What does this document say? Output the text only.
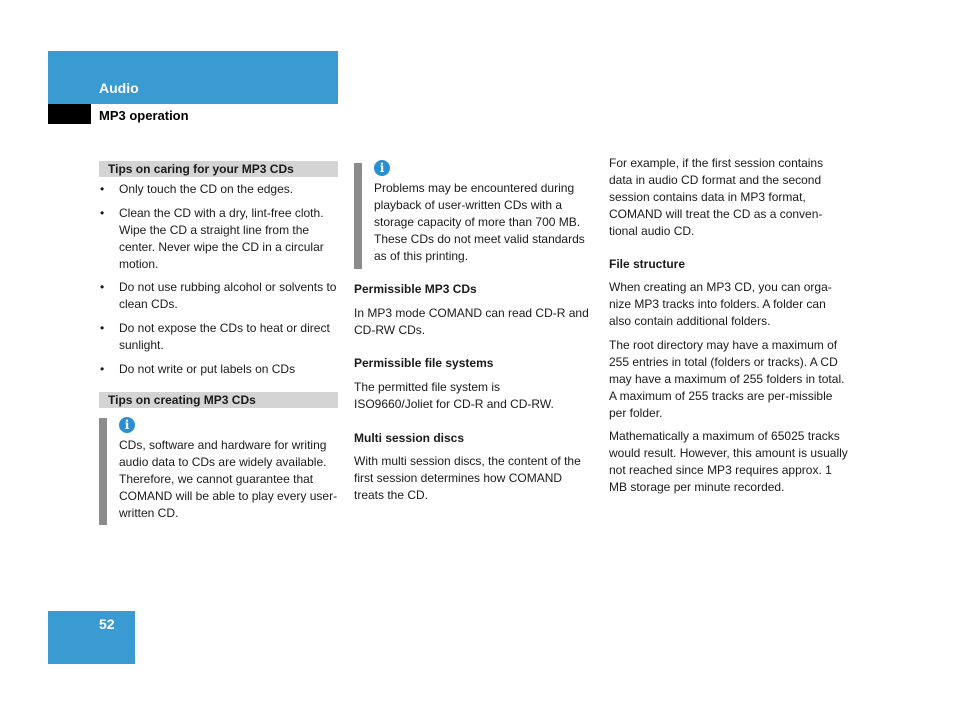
Audio
MP3 operation
Tips on caring for your MP3 CDs
• Only touch the CD on the edges.
• Clean the CD with a dry, lint-free cloth. Wipe the CD a straight line from the center. Never wipe the CD in a circular motion.
• Do not use rubbing alcohol or solvents to clean CDs.
• Do not expose the CDs to heat or direct sunlight.
• Do not write or put labels on CDs
Tips on creating MP3 CDs
i
CDs, software and hardware for writing audio data to CDs are widely available. Therefore, we cannot guarantee that COMAND will be able to play every user-written CD.
i
Problems may be encountered during playback of user-written CDs with a storage capacity of more than 700 MB. These CDs do not meet valid standards as of this printing.
Permissible MP3 CDs
In MP3 mode COMAND can read CD-R and CD-RW CDs.
Permissible file systems
The permitted file system is ISO9660/Joliet for CD-R and CD-RW.
Multi session discs
With multi session discs, the content of the first session determines how COMAND treats the CD.
For example, if the first session contains data in audio CD format and the second session contains data in MP3 format, COMAND will treat the CD as a conven-tional audio CD.
File structure
When creating an MP3 CD, you can orga-nize MP3 tracks into folders. A folder can also contain additional folders.
The root directory may have a maximum of 255 entries in total (folders or tracks). A CD may have a maximum of 255 folders in total. A maximum of 255 tracks are per-missible per folder.
Mathematically a maximum of 65025 tracks would result. However, this amount is usually not reached since MP3 requires approx. 1 MB storage per minute recorded.
52
